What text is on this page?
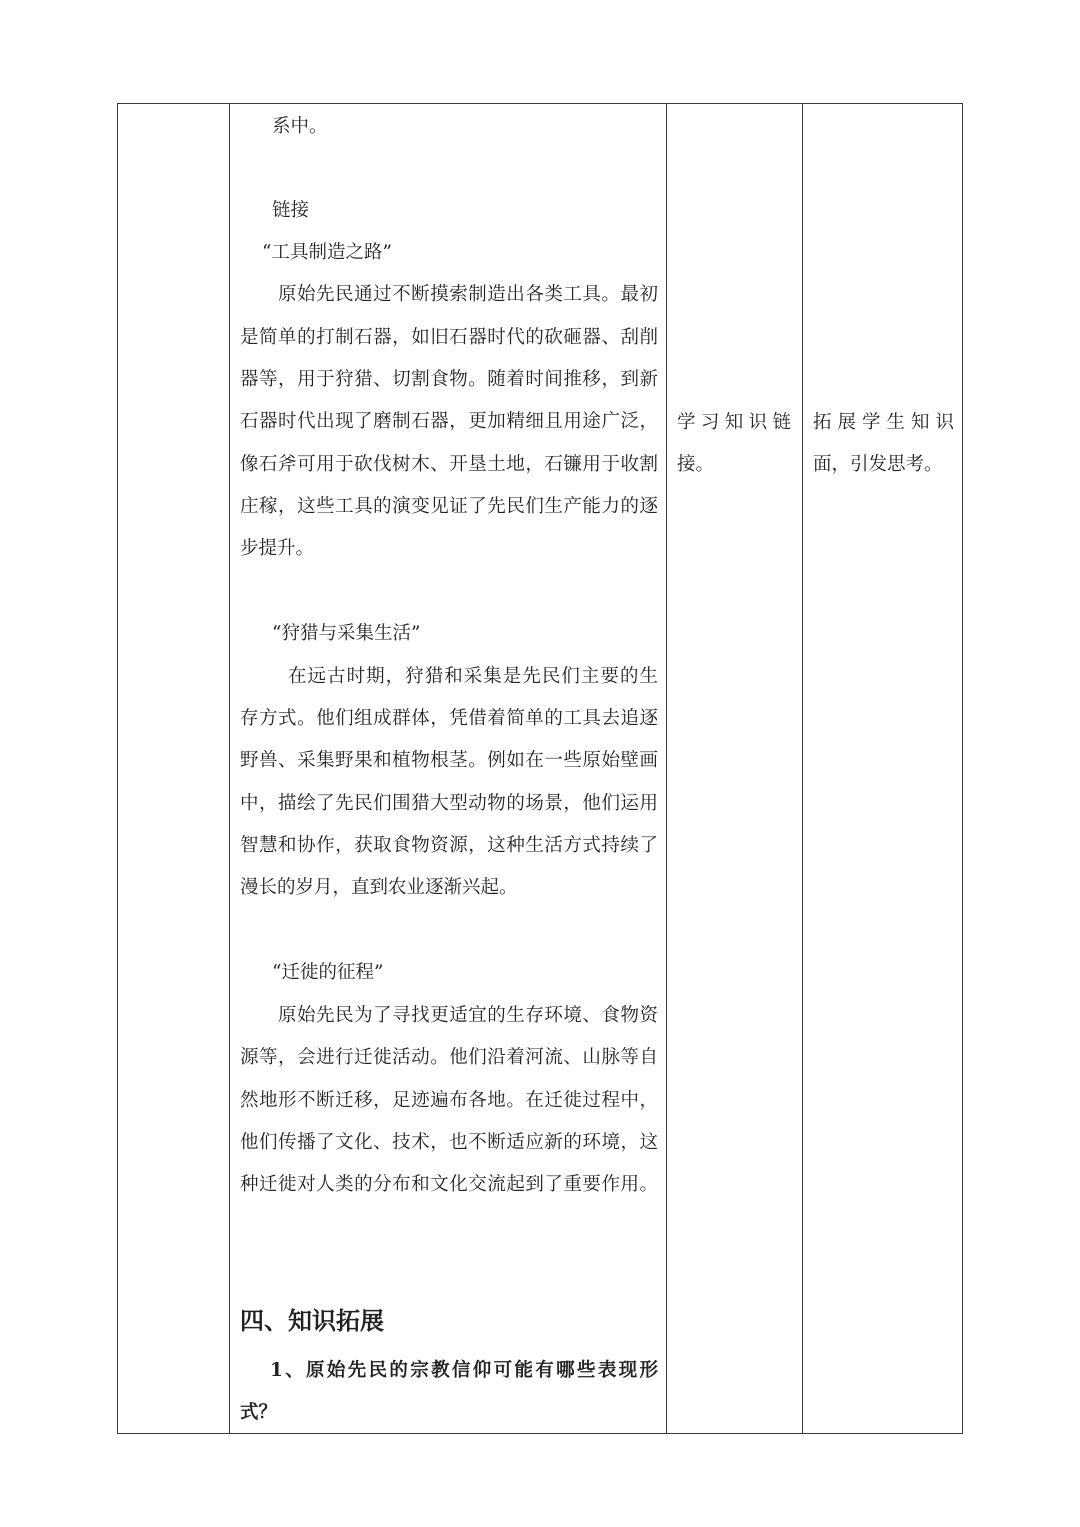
系中。
链接
“工具制造之路”
原始先民通过不断摸索制造出各类工具。最初
是简单的打制石器，如旧石器时代的砍砸器、刮削
器等，用于狩猎、切割食物。随着时间推移，到新
石器时代出现了磨制石器，更加精细且用途广泛，
像石斧可用于砍伐树木、开垦土地，石镰用于收割
庄稼，这些工具的演变见证了先民们生产能力的逐
步提升。
“狩猎与采集生活”
在远古时期，狩猎和采集是先民们主要的生
存方式。他们组成群体，凭借着简单的工具去追逐
野兽、采集野果和植物根茎。例如在一些原始壁画
中，描绘了先民们围猎大型动物的场景，他们运用
智慧和协作，获取食物资源，这种生活方式持续了
漫长的岁月，直到农业逐渐兴起。
“迁徙的征程”
原始先民为了寻找更适宜的生存环境、食物资
源等，会进行迁徙活动。他们沿着河流、山脉等自
然地形不断迁移，足迹遍布各地。在迁徙过程中，
他们传播了文化、技术，也不断适应新的环境，这
种迁徙对人类的分布和文化交流起到了重要作用。
四、知识拓展
1、原始先民的宗教信仰可能有哪些表现形
式？
学习知识链
接。
拓展学生知识
面，引发思考。
